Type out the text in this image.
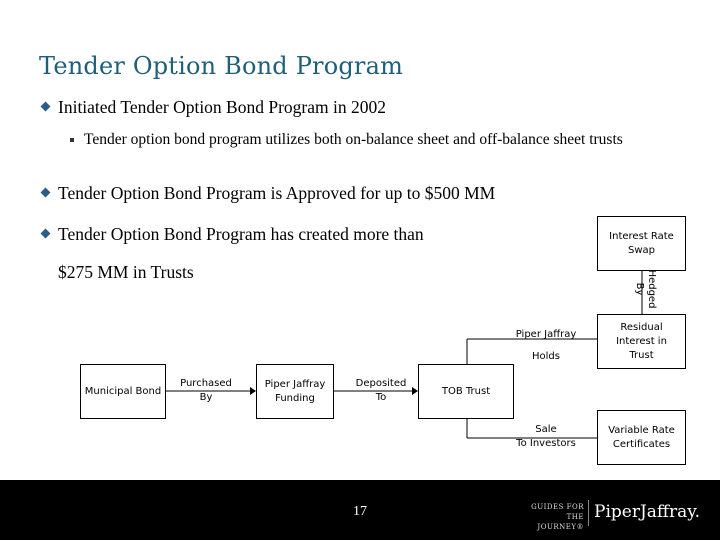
Tender Option Bond Program
Initiated Tender Option Bond Program in 2002
Tender option bond program utilizes both on-balance sheet and off-balance sheet trusts
Tender Option Bond Program is Approved for up to $500 MM
Tender Option Bond Program has created more than
$275 MM in Trusts
Municipal Bond
Purchased
By
Piper Jaffray
Funding
Deposited
To
TOB Trust
Piper Jaffray
Holds
Sale
To Investors
Interest Rate
Swap
Hedged
By
Residual
Interest in
Trust
Variable Rate
Certificates
17	GUIDES FOR
THE JOURNEY®
PiperJaffray.
